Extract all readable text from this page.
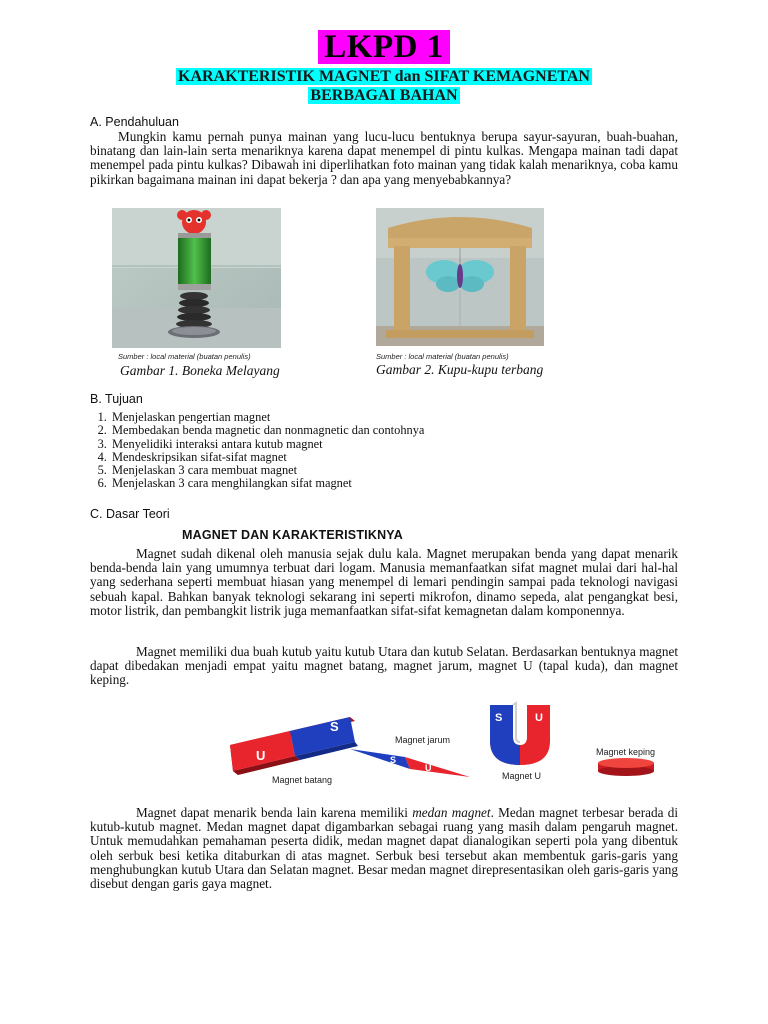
LKPD 1
KARAKTERISTIK MAGNET dan SIFAT KEMAGNETAN
BERBAGAI BAHAN
A. Pendahuluan
Mungkin kamu pernah punya mainan yang lucu-lucu bentuknya berupa sayur-sayuran, buah-buahan, binatang dan lain-lain serta menariknya karena dapat menempel di pintu kulkas. Mengapa mainan tadi dapat menempel pada pintu kulkas? Dibawah ini diperlihatkan foto mainan yang tidak kalah menariknya, coba kamu pikirkan bagaimana mainan ini dapat bekerja ? dan apa yang menyebabkannya?
Sumber : local material (buatan penulis)
Gambar 1. Boneka Melayang
Sumber : local material (buatan penulis)
Gambar 2. Kupu-kupu terbang
B. Tujuan
1. Menjelaskan pengertian magnet
2. Membedakan benda magnetic dan nonmagnetic dan contohnya
3. Menyelidiki interaksi antara kutub magnet
4. Mendeskripsikan sifat-sifat magnet
5. Menjelaskan 3 cara membuat magnet
6. Menjelaskan 3 cara menghilangkan sifat magnet
C. Dasar Teori
MAGNET DAN KARAKTERISTIKNYA
Magnet sudah dikenal oleh manusia sejak dulu kala. Magnet merupakan benda yang dapat menarik benda-benda lain yang umumnya terbuat dari logam. Manusia memanfaatkan sifat magnet mulai dari hal-hal yang sederhana seperti membuat hiasan yang menempel di lemari pendingin sampai pada teknologi navigasi sebuah kapal. Bahkan banyak teknologi sekarang ini seperti mikrofon, dinamo sepeda, alat pengangkat besi, motor listrik, dan pembangkit listrik juga memanfaatkan sifat-sifat kemagnetan dalam komponennya.
Magnet memiliki dua buah kutub yaitu kutub Utara dan kutub Selatan. Berdasarkan bentuknya magnet dapat dibedakan menjadi empat yaitu magnet batang, magnet jarum, magnet U (tapal kuda), dan magnet keping.
U
S
Magnet batang
S
U
Magnet jarum
S	U
Magnet U
Magnet keping
Magnet dapat menarik benda lain karena memiliki medan magnet. Medan magnet terbesar berada di kutub-kutub magnet. Medan magnet dapat digambarkan sebagai ruang yang masih dalam pengaruh magnet. Untuk memudahkan pemahaman peserta didik, medan magnet dapat dianalogikan seperti pola yang dibentuk oleh serbuk besi ketika ditaburkan di atas magnet. Serbuk besi tersebut akan membentuk garis-garis yang menghubungkan kutub Utara dan Selatan magnet. Besar medan magnet direpresentasikan oleh garis-garis yang disebut dengan garis gaya magnet.
